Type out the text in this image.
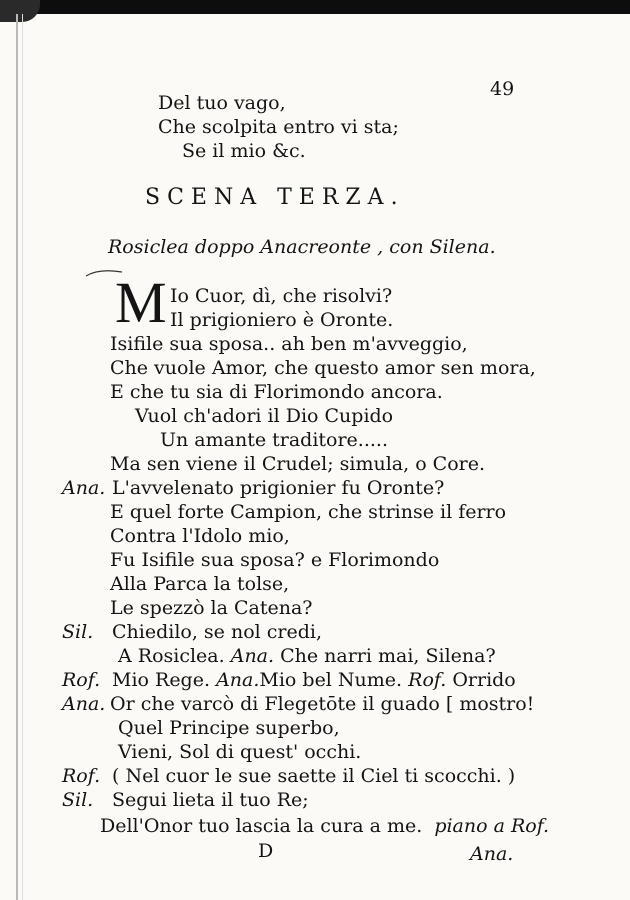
49
Del tuo vago,
Che scolpita entro vi sta;
Se il mio &c.
SCENA TERZA.
Rosiclea doppo Anacreonte , con Silena.
M Io Cuor, dì, che risolvi?
Il prigioniero è Oronte.
Isifile sua sposa.. ah ben m'avveggio,
Che vuole Amor, che questo amor sen mora,
E che tu sia di Florimondo ancora.
Vuol ch'adori il Dio Cupido
Un amante traditore.....
Ma sen viene il Crudel; simula, o Core.
Ana. L'avvelenato prigionier fu Oronte?
E quel forte Campion, che strinse il ferro
Contra l'Idolo mio,
Fu Isifile sua sposa? e Florimondo
Alla Parca la tolse,
Le spezzò la Catena?
Sil. Chiedilo, se nol credi,
A Rosiclea. Ana. Che narri mai, Silena?
Rof. Mio Rege. Ana.Mio bel Nume. Rof. Orrido
Ana. Or che varcò di Flegetōte il guado [ mostro!
Quel Principe superbo,
Vieni, Sol di quest' occhi.
Rof. ( Nel cuor le sue saette il Ciel ti scocchi. )
Sil. Segui lieta il tuo Re;
Dell'Onor tuo lascia la cura a me. piano a Rof.
D	Ana.
